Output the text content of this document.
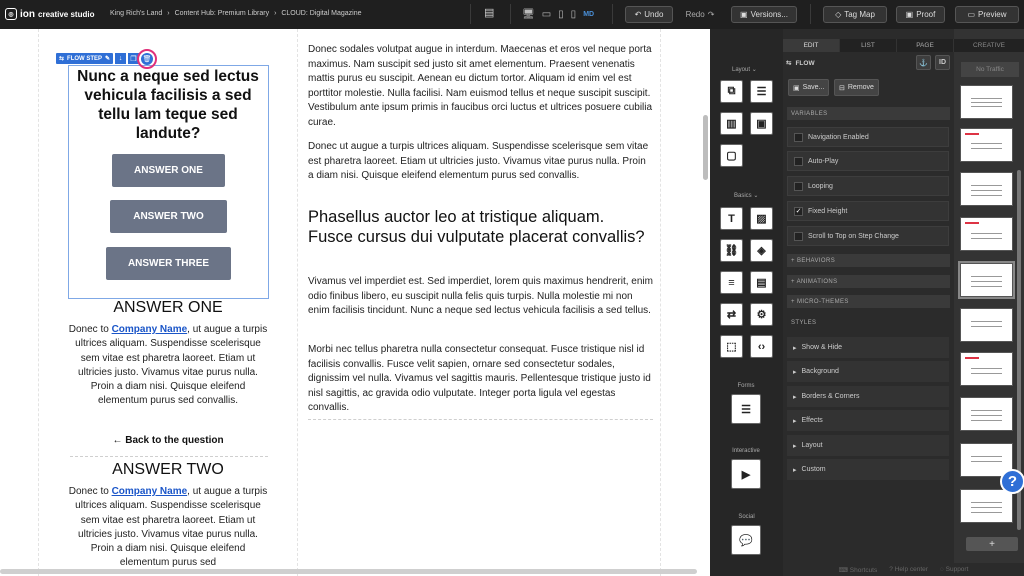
◎ ion creative studio King Rich's Land › Content Hub: Premium Library › CLOUD: Digital Magazine	▤	🖥 ▭ ▯ ▯ MD	↶ Undo	Redo ↷	▣ Versions...	◇ Tag Map	▣ Proof	▭ Preview
⇆ FLOW STEP ✎	↓	❐ 🗑
Nunc a neque sed lectus vehicula facilisis a sed tellu lam teque sed landute?
ANSWER ONE
ANSWER TWO
ANSWER THREE
ANSWER ONE
Donec to Company Name, ut augue a turpis ultrices aliquam. Suspendisse scelerisque sem vitae est pharetra laoreet. Etiam ut ultricies justo. Vivamus vitae purus nulla. Proin a diam nisi. Quisque eleifend elementum purus sed convallis.
← Back to the question
ANSWER TWO
Donec to Company Name, ut augue a turpis ultrices aliquam. Suspendisse scelerisque sem vitae est pharetra laoreet. Etiam ut ultricies justo. Vivamus vitae purus nulla. Proin a diam nisi. Quisque eleifend elementum purus sed
Donec sodales volutpat augue in interdum. Maecenas et eros vel neque porta maximus. Nam suscipit sed justo sit amet elementum. Praesent venenatis mattis purus eu suscipit. Aenean eu dictum tortor. Aliquam id enim vel est porttitor molestie. Nulla facilisi. Nam euismod tellus et neque suscipit suscipit. Vestibulum ante ipsum primis in faucibus orci luctus et ultrices posuere cubilia curae.
Donec ut augue a turpis ultrices aliquam. Suspendisse scelerisque sem vitae est pharetra laoreet. Etiam ut ultricies justo. Vivamus vitae purus nulla. Proin a diam nisi. Quisque eleifend elementum purus sed convallis.
Phasellus auctor leo at tristique aliquam. Fusce cursus dui vulputate placerat convallis?
Vivamus vel imperdiet est. Sed imperdiet, lorem quis maximus hendrerit, enim odio finibus libero, eu suscipit nulla felis quis turpis. Nulla molestie mi non enim facilisis tincidunt. Nunc a neque sed lectus vehicula facilisis a sed tellus.
Morbi nec tellus pharetra nulla consectetur consequat. Fusce tristique nisl id facilisis convallis. Fusce velit sapien, ornare sed consectetur sodales, dignissim vel nulla. Vivamus vel sagittis mauris. Pellentesque tristique justo id nisl sagittis, ac gravida odio vulputate. Integer porta ligula vel egestas convallis.
Layout ⌄
⧉	☰
▥	▣
▢
Basics ⌄
T	▨
⛓	◈
≡	▤
⇄	⚙
⬚	‹›
Forms
☰
Interactive
▶
Social
💬
EDIT	LIST	PAGE
⇆ FLOW	⚓	ID
▣ Save... ⊟ Remove
VARIABLES
Navigation Enabled
Auto-Play
Looping
✓ Fixed Height
Scroll to Top on Step Change
+ BEHAVIORS
+ ANIMATIONS
+ MICRO-THEMES
STYLES
▸ Show & Hide
▸ Background
▸ Borders & Corners
▸ Effects
▸ Layout
▸ Custom
CREATIVE
No Traffic
+
?
⌨ Shortcuts ? Help center ◌ Support
